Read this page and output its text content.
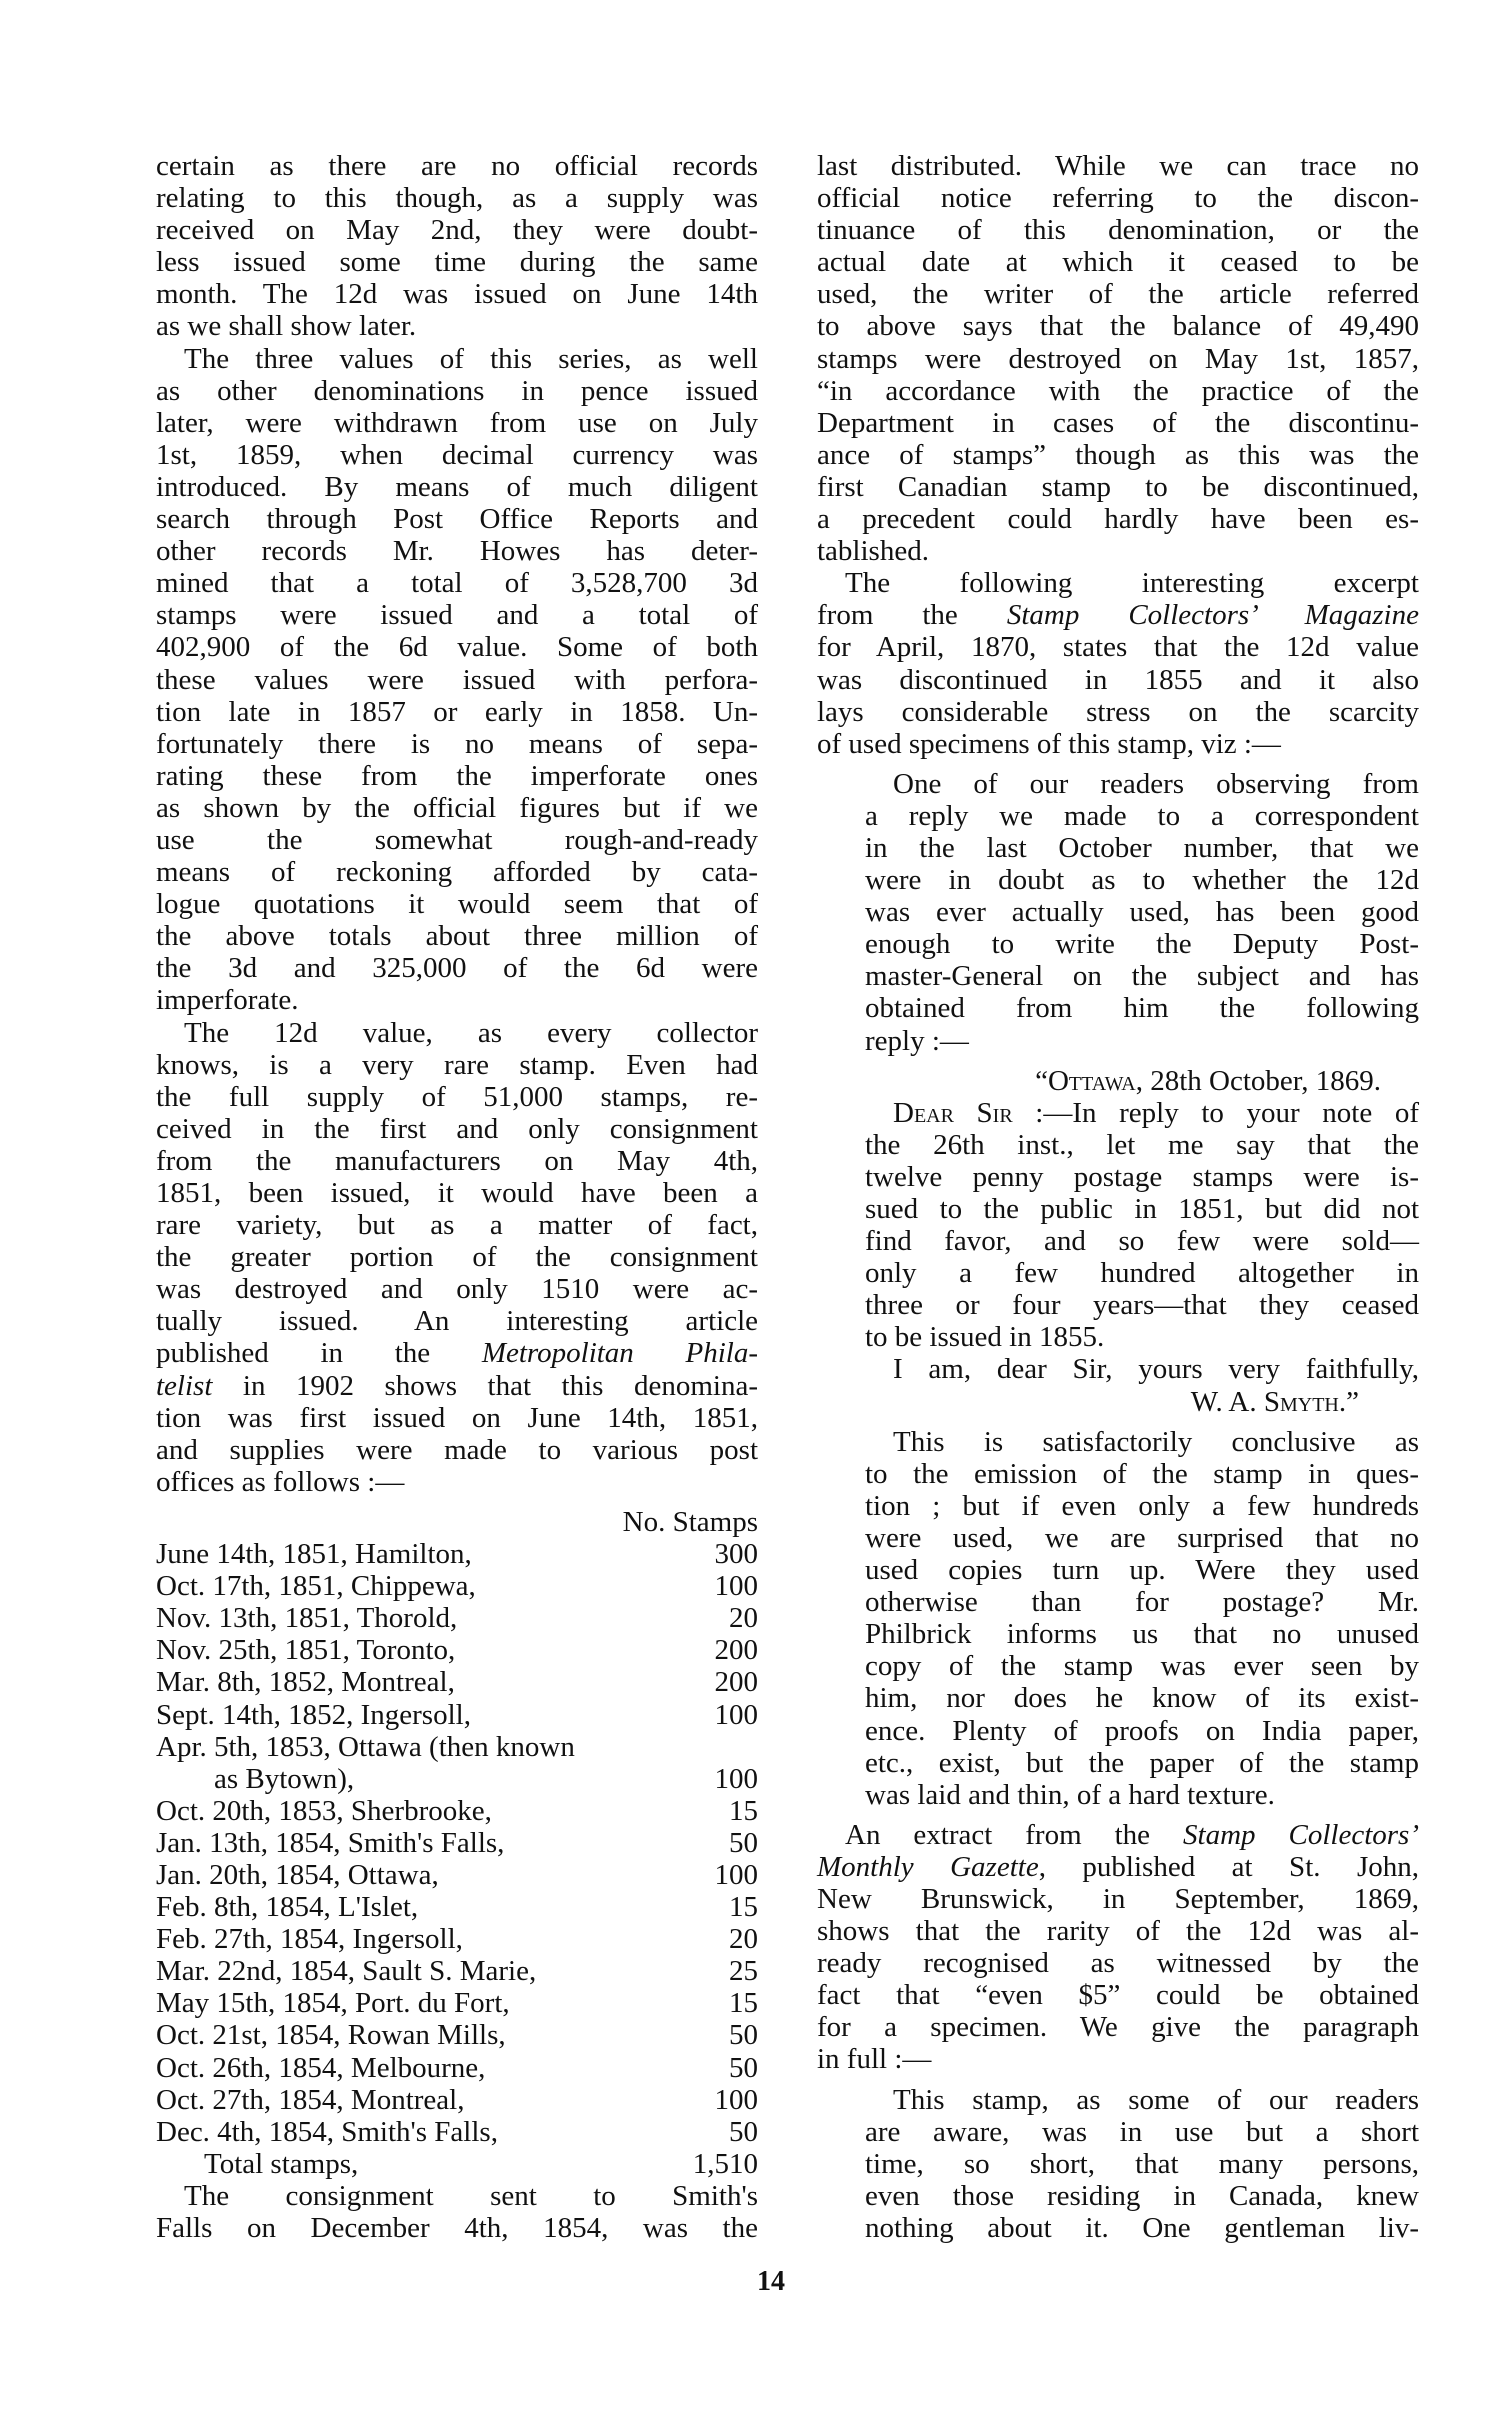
certain as there are no official records
relating to this though, as a supply was
received on May 2nd, they were doubt-
less issued some time during the same
month. The 12d was issued on June 14th
as we shall show later.
The three values of this series, as well
as other denominations in pence issued
later, were withdrawn from use on July
1st, 1859, when decimal currency was
introduced. By means of much diligent
search through Post Office Reports and
other records Mr. Howes has deter-
mined that a total of 3,528,700 3d
stamps were issued and a total of
402,900 of the 6d value. Some of both
these values were issued with perfora-
tion late in 1857 or early in 1858. Un-
fortunately there is no means of sepa-
rating these from the imperforate ones
as shown by the official figures but if we
use the somewhat rough-and-ready
means of reckoning afforded by cata-
logue quotations it would seem that of
the above totals about three million of
the 3d and 325,000 of the 6d were
imperforate.
The 12d value, as every collector
knows, is a very rare stamp. Even had
the full supply of 51,000 stamps, re-
ceived in the first and only consignment
from the manufacturers on May 4th,
1851, been issued, it would have been a
rare variety, but as a matter of fact,
the greater portion of the consignment
was destroyed and only 1510 were ac-
tually issued. An interesting article
published in the Metropolitan Phila-
telist in 1902 shows that this denomina-
tion was first issued on June 14th, 1851,
and supplies were made to various post
offices as follows :—
No. Stamps
June 14th, 1851, Hamilton,	300
Oct. 17th, 1851, Chippewa,	100
Nov. 13th, 1851, Thorold,	20
Nov. 25th, 1851, Toronto,	200
Mar. 8th, 1852, Montreal,	200
Sept. 14th, 1852, Ingersoll,	100
Apr. 5th, 1853, Ottawa (then known
as Bytown),	100
Oct. 20th, 1853, Sherbrooke,	15
Jan. 13th, 1854, Smith's Falls,	50
Jan. 20th, 1854, Ottawa,	100
Feb. 8th, 1854, L'Islet,	15
Feb. 27th, 1854, Ingersoll,	20
Mar. 22nd, 1854, Sault S. Marie,	25
May 15th, 1854, Port. du Fort,	15
Oct. 21st, 1854, Rowan Mills,	50
Oct. 26th, 1854, Melbourne,	50
Oct. 27th, 1854, Montreal,	100
Dec. 4th, 1854, Smith's Falls,	50
Total stamps,	1,510
The consignment sent to Smith's
Falls on December 4th, 1854, was the
last distributed. While we can trace no
official notice referring to the discon-
tinuance of this denomination, or the
actual date at which it ceased to be
used, the writer of the article referred
to above says that the balance of 49,490
stamps were destroyed on May 1st, 1857,
“in accordance with the practice of the
Department in cases of the discontinu-
ance of stamps” though as this was the
first Canadian stamp to be discontinued,
a precedent could hardly have been es-
tablished.
The following interesting excerpt
from the Stamp Collectors’ Magazine
for April, 1870, states that the 12d value
was discontinued in 1855 and it also
lays considerable stress on the scarcity
of used specimens of this stamp, viz :—
One of our readers observing from
a reply we made to a correspondent
in the last October number, that we
were in doubt as to whether the 12d
was ever actually used, has been good
enough to write the Deputy Post-
master-General on the subject and has
obtained from him the following
reply :—
“Ottawa, 28th October, 1869.
Dear Sir :—In reply to your note of
the 26th inst., let me say that the
twelve penny postage stamps were is-
sued to the public in 1851, but did not
find favor, and so few were sold—
only a few hundred altogether in
three or four years—that they ceased
to be issued in 1855.
I am, dear Sir, yours very faithfully,
W. A. Smyth.”
This is satisfactorily conclusive as
to the emission of the stamp in ques-
tion ; but if even only a few hundreds
were used, we are surprised that no
used copies turn up. Were they used
otherwise than for postage? Mr.
Philbrick informs us that no unused
copy of the stamp was ever seen by
him, nor does he know of its exist-
ence. Plenty of proofs on India paper,
etc., exist, but the paper of the stamp
was laid and thin, of a hard texture.
An extract from the Stamp Collectors’
Monthly Gazette, published at St. John,
New Brunswick, in September, 1869,
shows that the rarity of the 12d was al-
ready recognised as witnessed by the
fact that “even $5” could be obtained
for a specimen. We give the paragraph
in full :—
This stamp, as some of our readers
are aware, was in use but a short
time, so short, that many persons,
even those residing in Canada, knew
nothing about it. One gentleman liv-
14
